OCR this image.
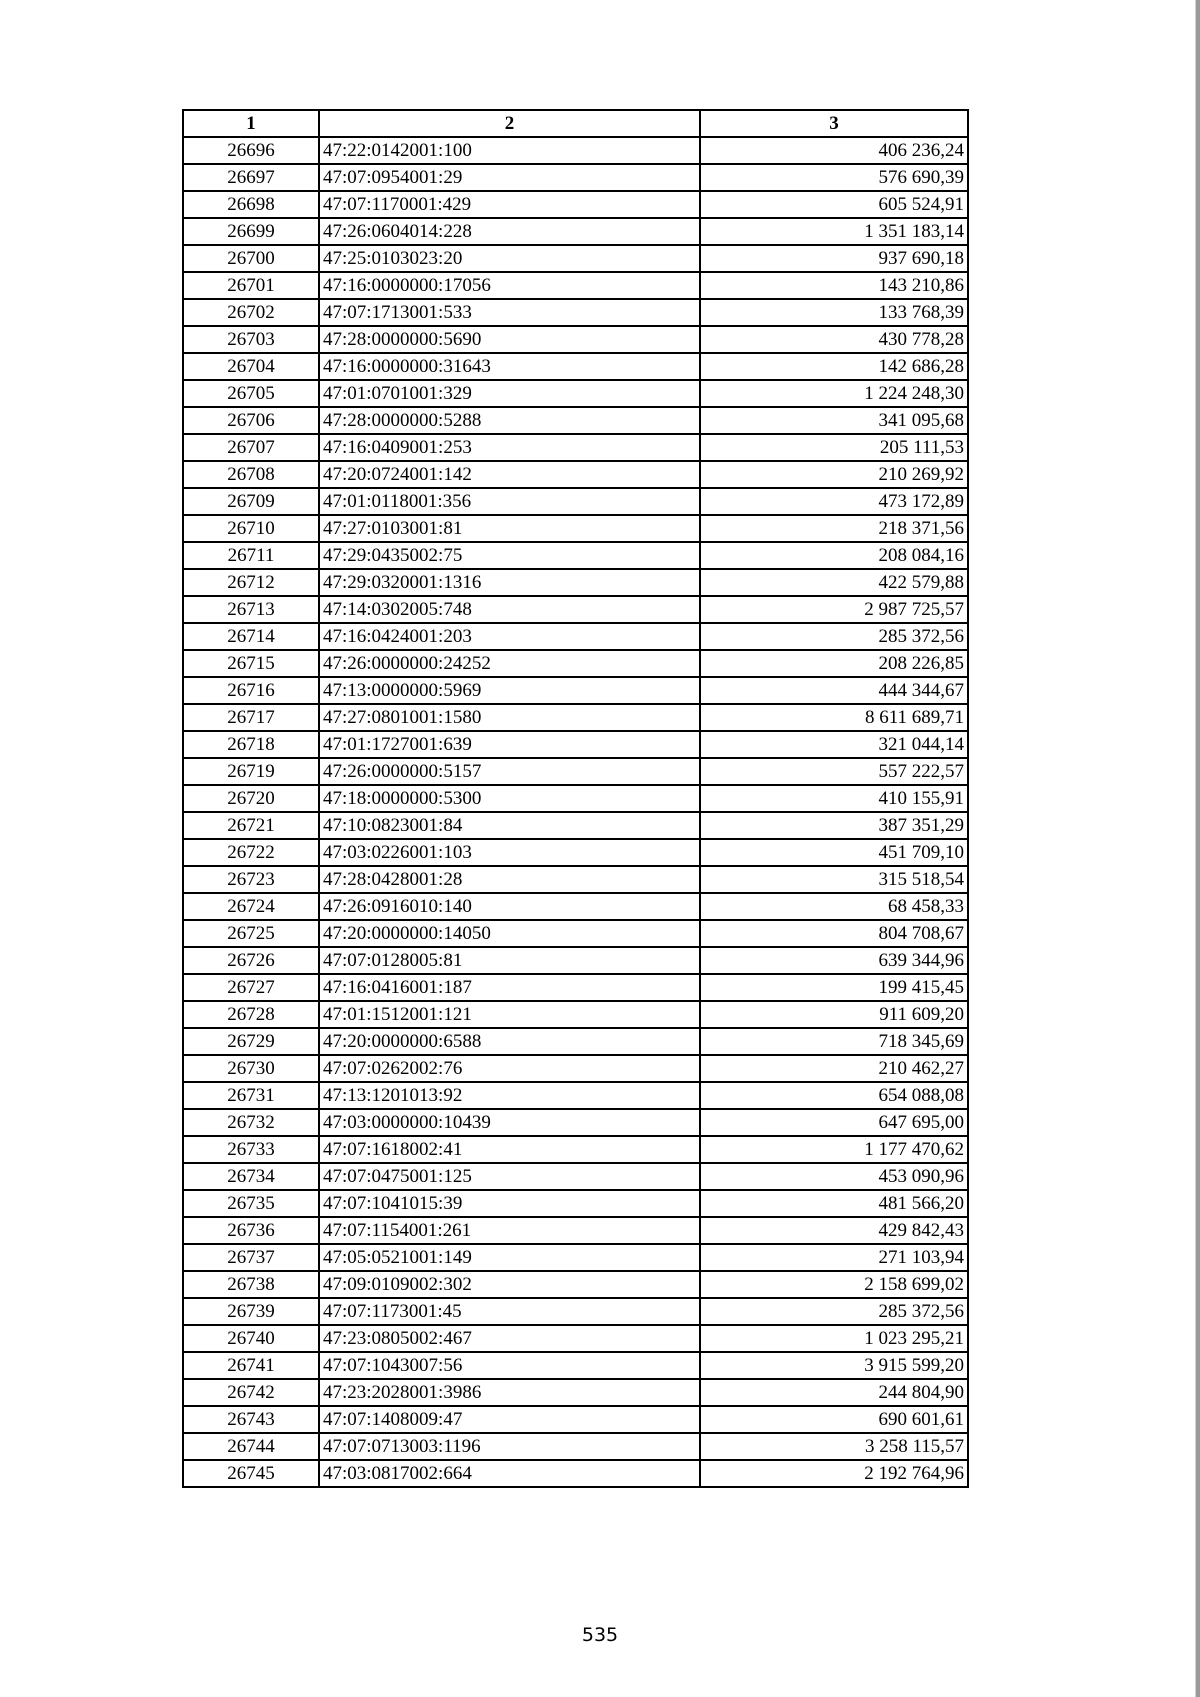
1	2	3
26696	47:22:0142001:100	406 236,24
26697	47:07:0954001:29	576 690,39
26698	47:07:1170001:429	605 524,91
26699	47:26:0604014:228	1 351 183,14
26700	47:25:0103023:20	937 690,18
26701	47:16:0000000:17056	143 210,86
26702	47:07:1713001:533	133 768,39
26703	47:28:0000000:5690	430 778,28
26704	47:16:0000000:31643	142 686,28
26705	47:01:0701001:329	1 224 248,30
26706	47:28:0000000:5288	341 095,68
26707	47:16:0409001:253	205 111,53
26708	47:20:0724001:142	210 269,92
26709	47:01:0118001:356	473 172,89
26710	47:27:0103001:81	218 371,56
26711	47:29:0435002:75	208 084,16
26712	47:29:0320001:1316	422 579,88
26713	47:14:0302005:748	2 987 725,57
26714	47:16:0424001:203	285 372,56
26715	47:26:0000000:24252	208 226,85
26716	47:13:0000000:5969	444 344,67
26717	47:27:0801001:1580	8 611 689,71
26718	47:01:1727001:639	321 044,14
26719	47:26:0000000:5157	557 222,57
26720	47:18:0000000:5300	410 155,91
26721	47:10:0823001:84	387 351,29
26722	47:03:0226001:103	451 709,10
26723	47:28:0428001:28	315 518,54
26724	47:26:0916010:140	68 458,33
26725	47:20:0000000:14050	804 708,67
26726	47:07:0128005:81	639 344,96
26727	47:16:0416001:187	199 415,45
26728	47:01:1512001:121	911 609,20
26729	47:20:0000000:6588	718 345,69
26730	47:07:0262002:76	210 462,27
26731	47:13:1201013:92	654 088,08
26732	47:03:0000000:10439	647 695,00
26733	47:07:1618002:41	1 177 470,62
26734	47:07:0475001:125	453 090,96
26735	47:07:1041015:39	481 566,20
26736	47:07:1154001:261	429 842,43
26737	47:05:0521001:149	271 103,94
26738	47:09:0109002:302	2 158 699,02
26739	47:07:1173001:45	285 372,56
26740	47:23:0805002:467	1 023 295,21
26741	47:07:1043007:56	3 915 599,20
26742	47:23:2028001:3986	244 804,90
26743	47:07:1408009:47	690 601,61
26744	47:07:0713003:1196	3 258 115,57
26745	47:03:0817002:664	2 192 764,96
535
